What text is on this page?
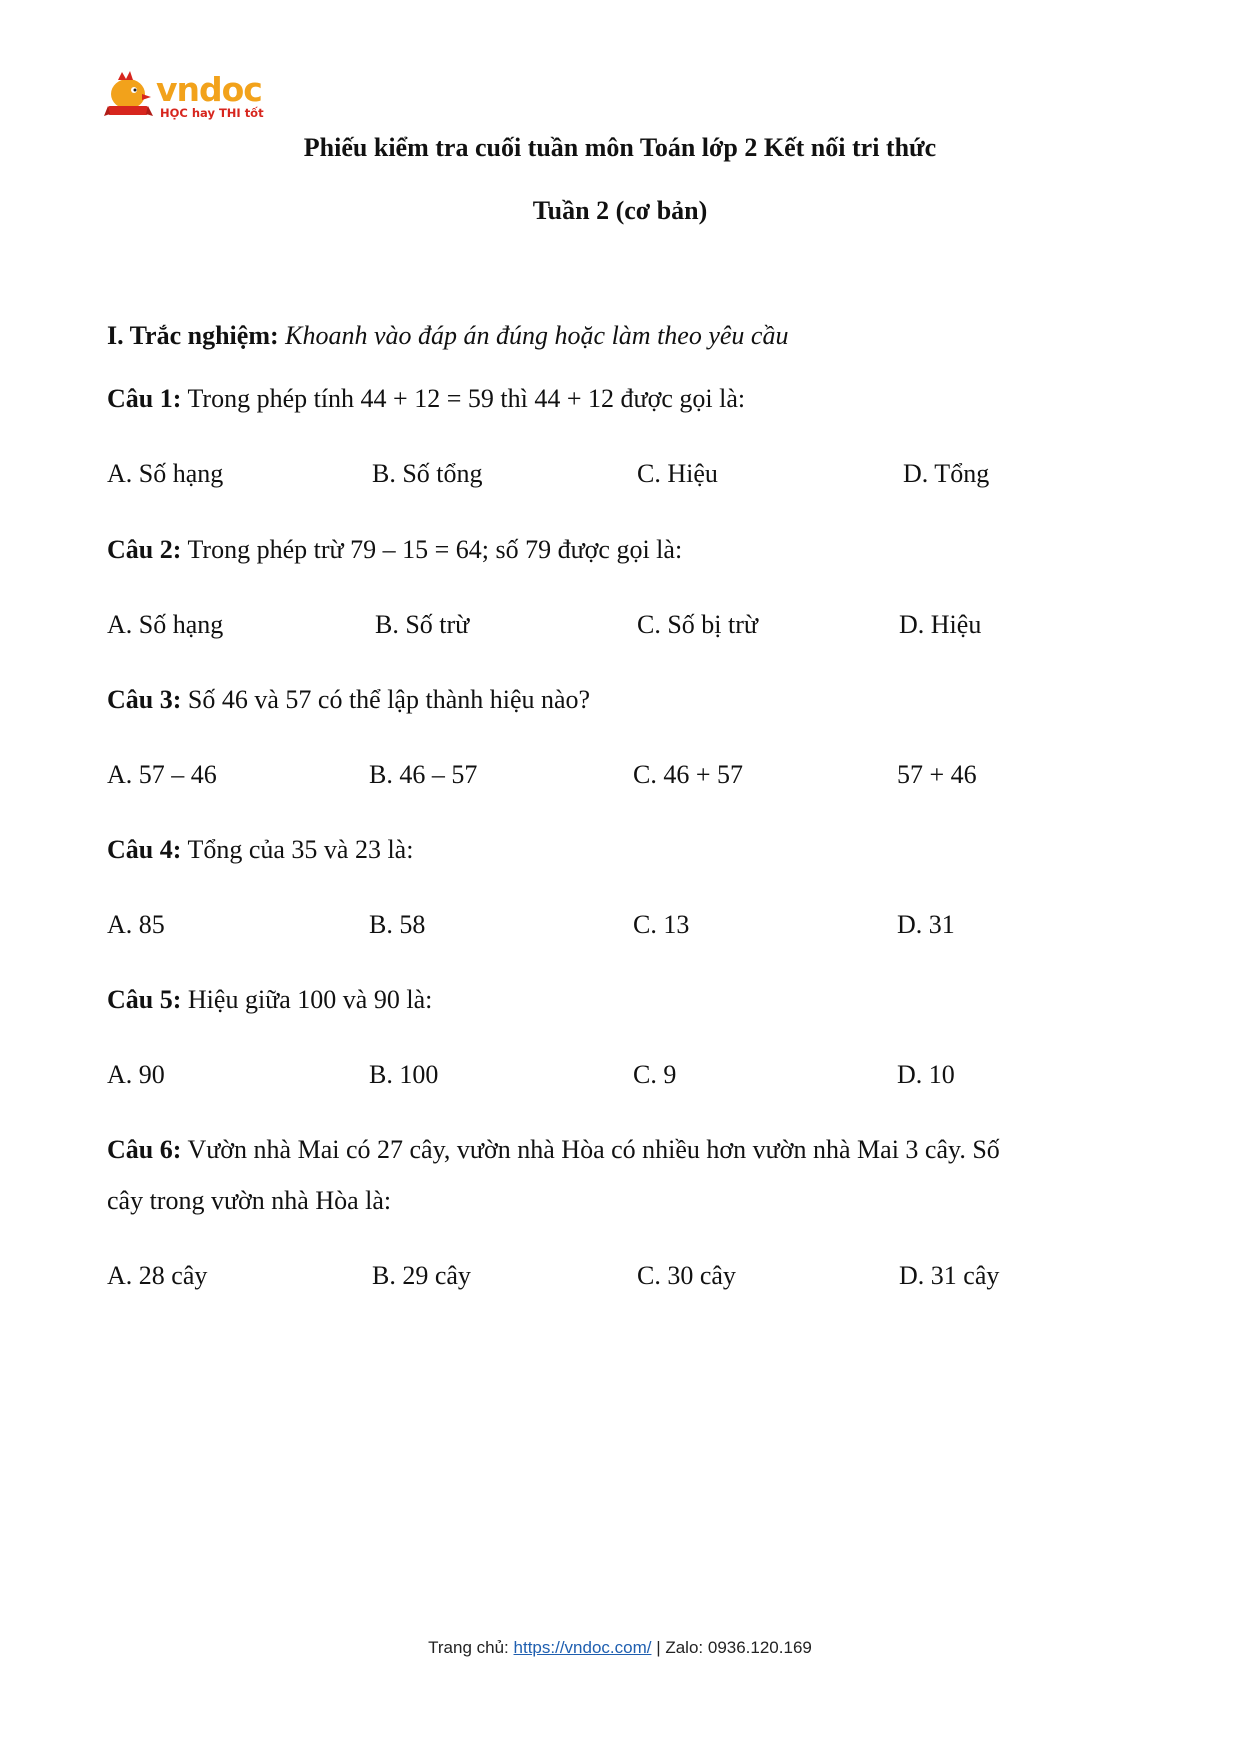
vndoc
HỌC hay THI tốt
Phiếu kiểm tra cuối tuần môn Toán lớp 2 Kết nối tri thức
Tuần 2 (cơ bản)
I. Trắc nghiệm: Khoanh vào đáp án đúng hoặc làm theo yêu cầu
Câu 1: Trong phép tính 44 + 12 = 59 thì 44 + 12 được gọi là:
A. Số hạng	B. Số tổng	C. Hiệu	D. Tổng
Câu 2: Trong phép trừ 79 – 15 = 64; số 79 được gọi là:
A. Số hạng	B. Số trừ	C. Số bị trừ	D. Hiệu
Câu 3: Số 46 và 57 có thể lập thành hiệu nào?
A. 57 – 46	B. 46 – 57	C. 46 + 57	57 + 46
Câu 4: Tổng của 35 và 23 là:
A. 85	B. 58	C. 13	D. 31
Câu 5: Hiệu giữa 100 và 90 là:
A. 90	B. 100	C. 9	D. 10
Câu 6: Vườn nhà Mai có 27 cây, vườn nhà Hòa có nhiều hơn vườn nhà Mai 3 cây. Số
cây trong vườn nhà Hòa là:
A. 28 cây	B. 29 cây	C. 30 cây	D. 31 cây
Trang chủ: https://vndoc.com/ | Zalo: 0936.120.169
